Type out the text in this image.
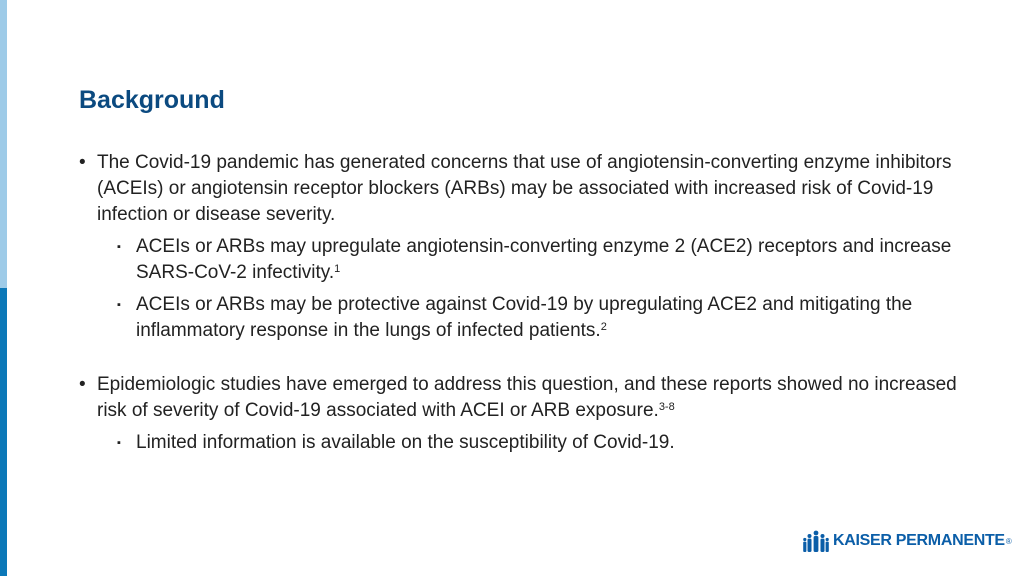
Background
• The Covid-19 pandemic has generated concerns that use of angiotensin-converting enzyme inhibitors (ACEIs) or angiotensin receptor blockers (ARBs) may be associated with increased risk of Covid-19 infection or disease severity.
▪ ACEIs or ARBs may upregulate angiotensin-converting enzyme 2 (ACE2) receptors and increase SARS-CoV-2 infectivity.$^1$
▪ ACEIs or ARBs may be protective against Covid-19 by upregulating ACE2 and mitigating the inflammatory response in the lungs of infected patients.$^2$
• Epidemiologic studies have emerged to address this question, and these reports showed no increased risk of severity of Covid-19 associated with ACEI or ARB exposure.$^{3-8}$
▪ Limited information is available on the susceptibility of Covid-19.
KAISER PERMANENTE ®
